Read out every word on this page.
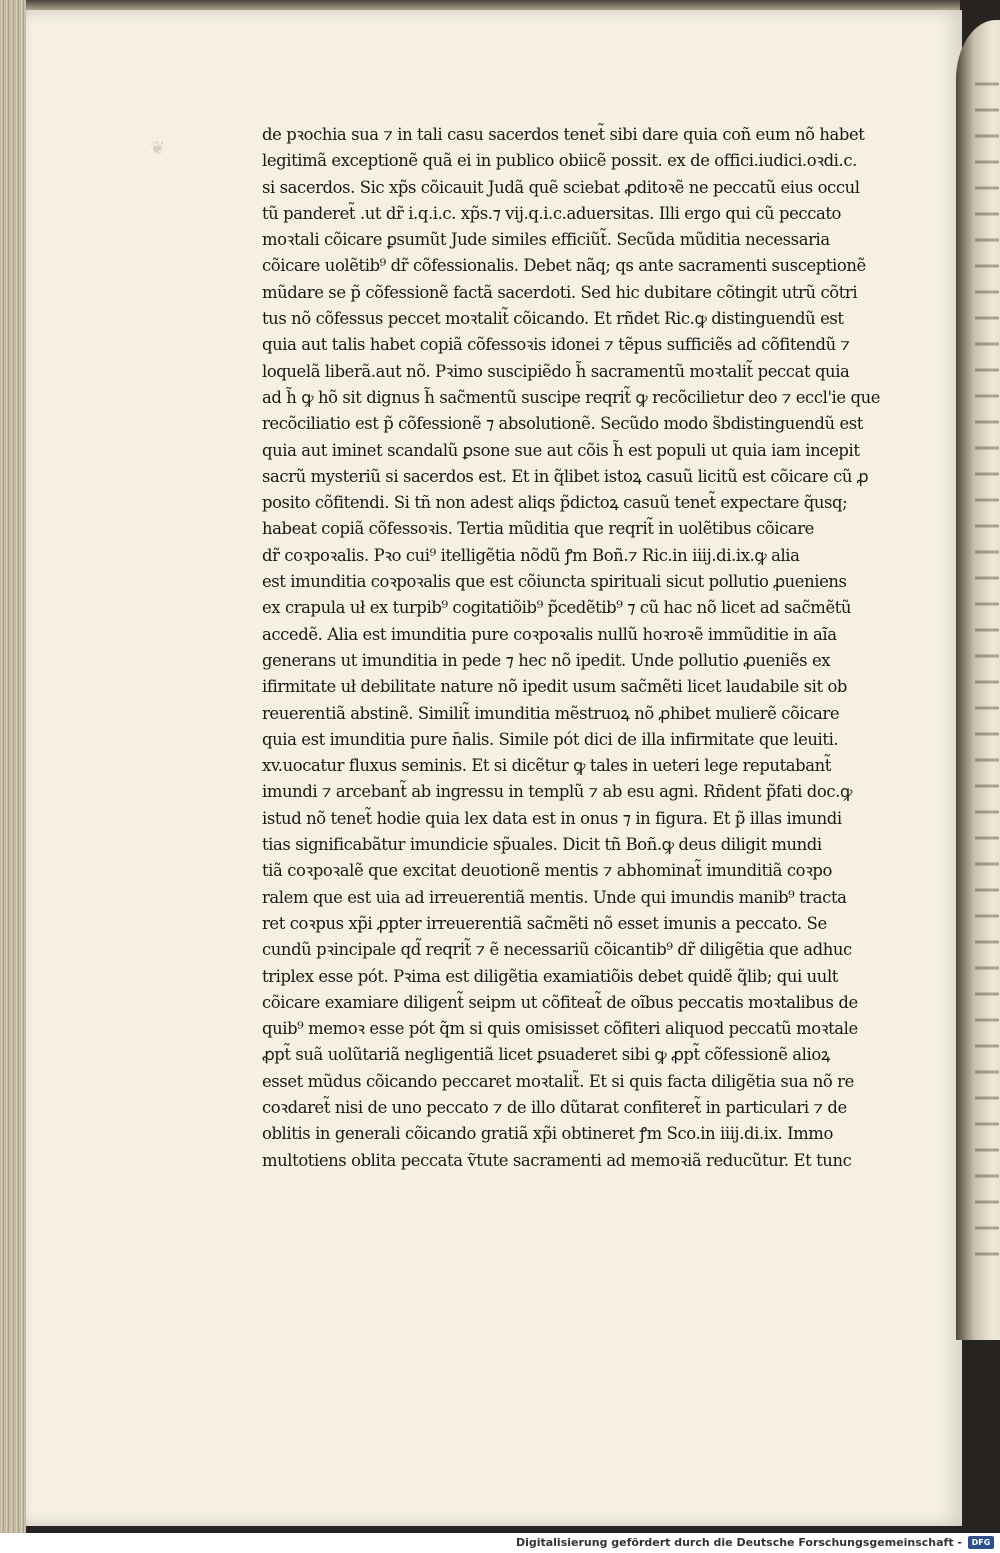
❦
de pꝛochia sua ⁊ in tali casu sacerdos tenet̃ sibi dare quia coñ eum nõ habet
legitimã exceptionẽ quã ei in publico obiicẽ possit. ex de offici.iudici.oꝛdi.c.
si sacerdos. Sic xp̃s cõicauit Judã quẽ sciebat ꝓditoꝛẽ ne peccatũ eius occul
tũ panderet̃ .ut dr̃ i.q.i.c. xp̃s.⁊ vij.q.i.c.aduersitas. Illi ergo qui cũ peccato
moꝛtali cõicare ꝑsumũt Jude similes efficiũt̃. Secũda mũditia necessaria
cõicare uolẽtib⁹ dr̃ cõfessionalis. Debet nãq; qs ante sacramenti susceptionẽ
mũdare se p̃ cõfessionẽ factã sacerdoti. Sed hic dubitare cõtingit utrũ cõtri
tus nõ cõfessus peccet moꝛtalit̃ cõicando. Et rñdet Ric.ꝙ distinguendũ est
quia aut talis habet copiã cõfessoꝛis idonei ⁊ tẽpus sufficiẽs ad cõfitendũ ⁊
loquelã liberã.aut nõ. Pꝛimo suscipiẽdo h̃ sacramentũ moꝛtalit̃ peccat quia
ad h̃ ꝙ hõ sit dignus h̃ sac̃mentũ suscipe reqrit̃ ꝙ recõcilietur deo ⁊ eccl'ie que
recõciliatio est p̃ cõfessionẽ ⁊ absolutionẽ. Secũdo modo s̃bdistinguendũ est
quia aut iminet scandalũ ꝑsone sue aut cõis h̃ est populi ut quia iam incepit
sacrũ mysteriũ si sacerdos est. Et in q̃libet istoꝝ casuũ licitũ est cõicare cũ ꝓ
posito cõfitendi. Si tñ non adest aliqs p̃dictoꝝ casuũ tenet̃ expectare q̃usq;
habeat copiã cõfessoꝛis. Tertia mũditia que reqrit̃ in uolẽtibus cõicare
dr̃ coꝛpoꝛalis. Pꝛo cui⁹ itelligẽtia nõdũ ꝭm Boñ.⁊ Ric.in iiij.di.ix.ꝙ alia
est imunditia coꝛpoꝛalis que est cõiuncta spirituali sicut pollutio ꝓueniens
ex crapula uł ex turpib⁹ cogitatiõib⁹ p̃cedẽtib⁹ ⁊ cũ hac nõ licet ad sac̃mẽtũ
accedẽ. Alia est imunditia pure coꝛpoꝛalis nullũ hoꝛroꝛẽ immũditie in aĩa
generans ut imunditia in pede ⁊ hec nõ ipedit. Unde pollutio ꝓueniẽs ex
ifirmitate uł debilitate nature nõ ipedit usum sac̃mẽti licet laudabile sit ob
reuerentiã abstinẽ. Similit̃ imunditia mẽstruoꝝ nõ ꝓhibet mulierẽ cõicare
quia est imunditia pure n̄alis. Simile pót dici de illa infirmitate que leuiti.
xv.uocatur fluxus seminis. Et si dicẽtur ꝙ tales in ueteri lege reputabant̃
imundi ⁊ arcebant̃ ab ingressu in templũ ⁊ ab esu agni. Rñdent p̃fati doc.ꝙ
istud nõ tenet̃ hodie quia lex data est in onus ⁊ in figura. Et p̃ illas imundi
tias significabãtur imundicie sp̃uales. Dicit tñ Boñ.ꝙ deus diligit mundi
tiã coꝛpoꝛalẽ que excitat deuotionẽ mentis ⁊ abhominat̃ imunditiã coꝛpo
ralem que est uia ad irreuerentiã mentis. Unde qui imundis manib⁹ tracta
ret coꝛpus xp̃i ꝓpter irreuerentiã sac̃mẽti nõ esset imunis a peccato. Se
cundũ pꝛincipale qd̃ reqrit̃ ⁊ ẽ necessariũ cõicantib⁹ dr̃ diligẽtia que adhuc
triplex esse pót. Pꝛima est diligẽtia examiatiõis debet quidẽ q̃lib; qui uult
cõicare examiare diligent̃ seipm ut cõfiteat̃ de oĩbus peccatis moꝛtalibus de
quib⁹ memoꝛ esse pót q̃m si quis omisisset cõfiteri aliquod peccatũ moꝛtale
ꝓpt̃ suã uolũtariã negligentiã licet ꝑsuaderet sibi ꝙ ꝓpt̃ cõfessionẽ alioꝝ
esset mũdus cõicando peccaret moꝛtalit̃. Et si quis facta diligẽtia sua nõ re
coꝛdaret̃ nisi de uno peccato ⁊ de illo dũtarat confiteret̃ in particulari ⁊ de
oblitis in generali cõicando gratiã xp̃i obtineret ꝭm Sco.in iiij.di.ix. Immo
multotiens oblita peccata ṽtute sacramenti ad memoꝛiã reducũtur. Et tunc
Digitalisierung gefördert durch die Deutsche Forschungsgemeinschaft -	DFG
